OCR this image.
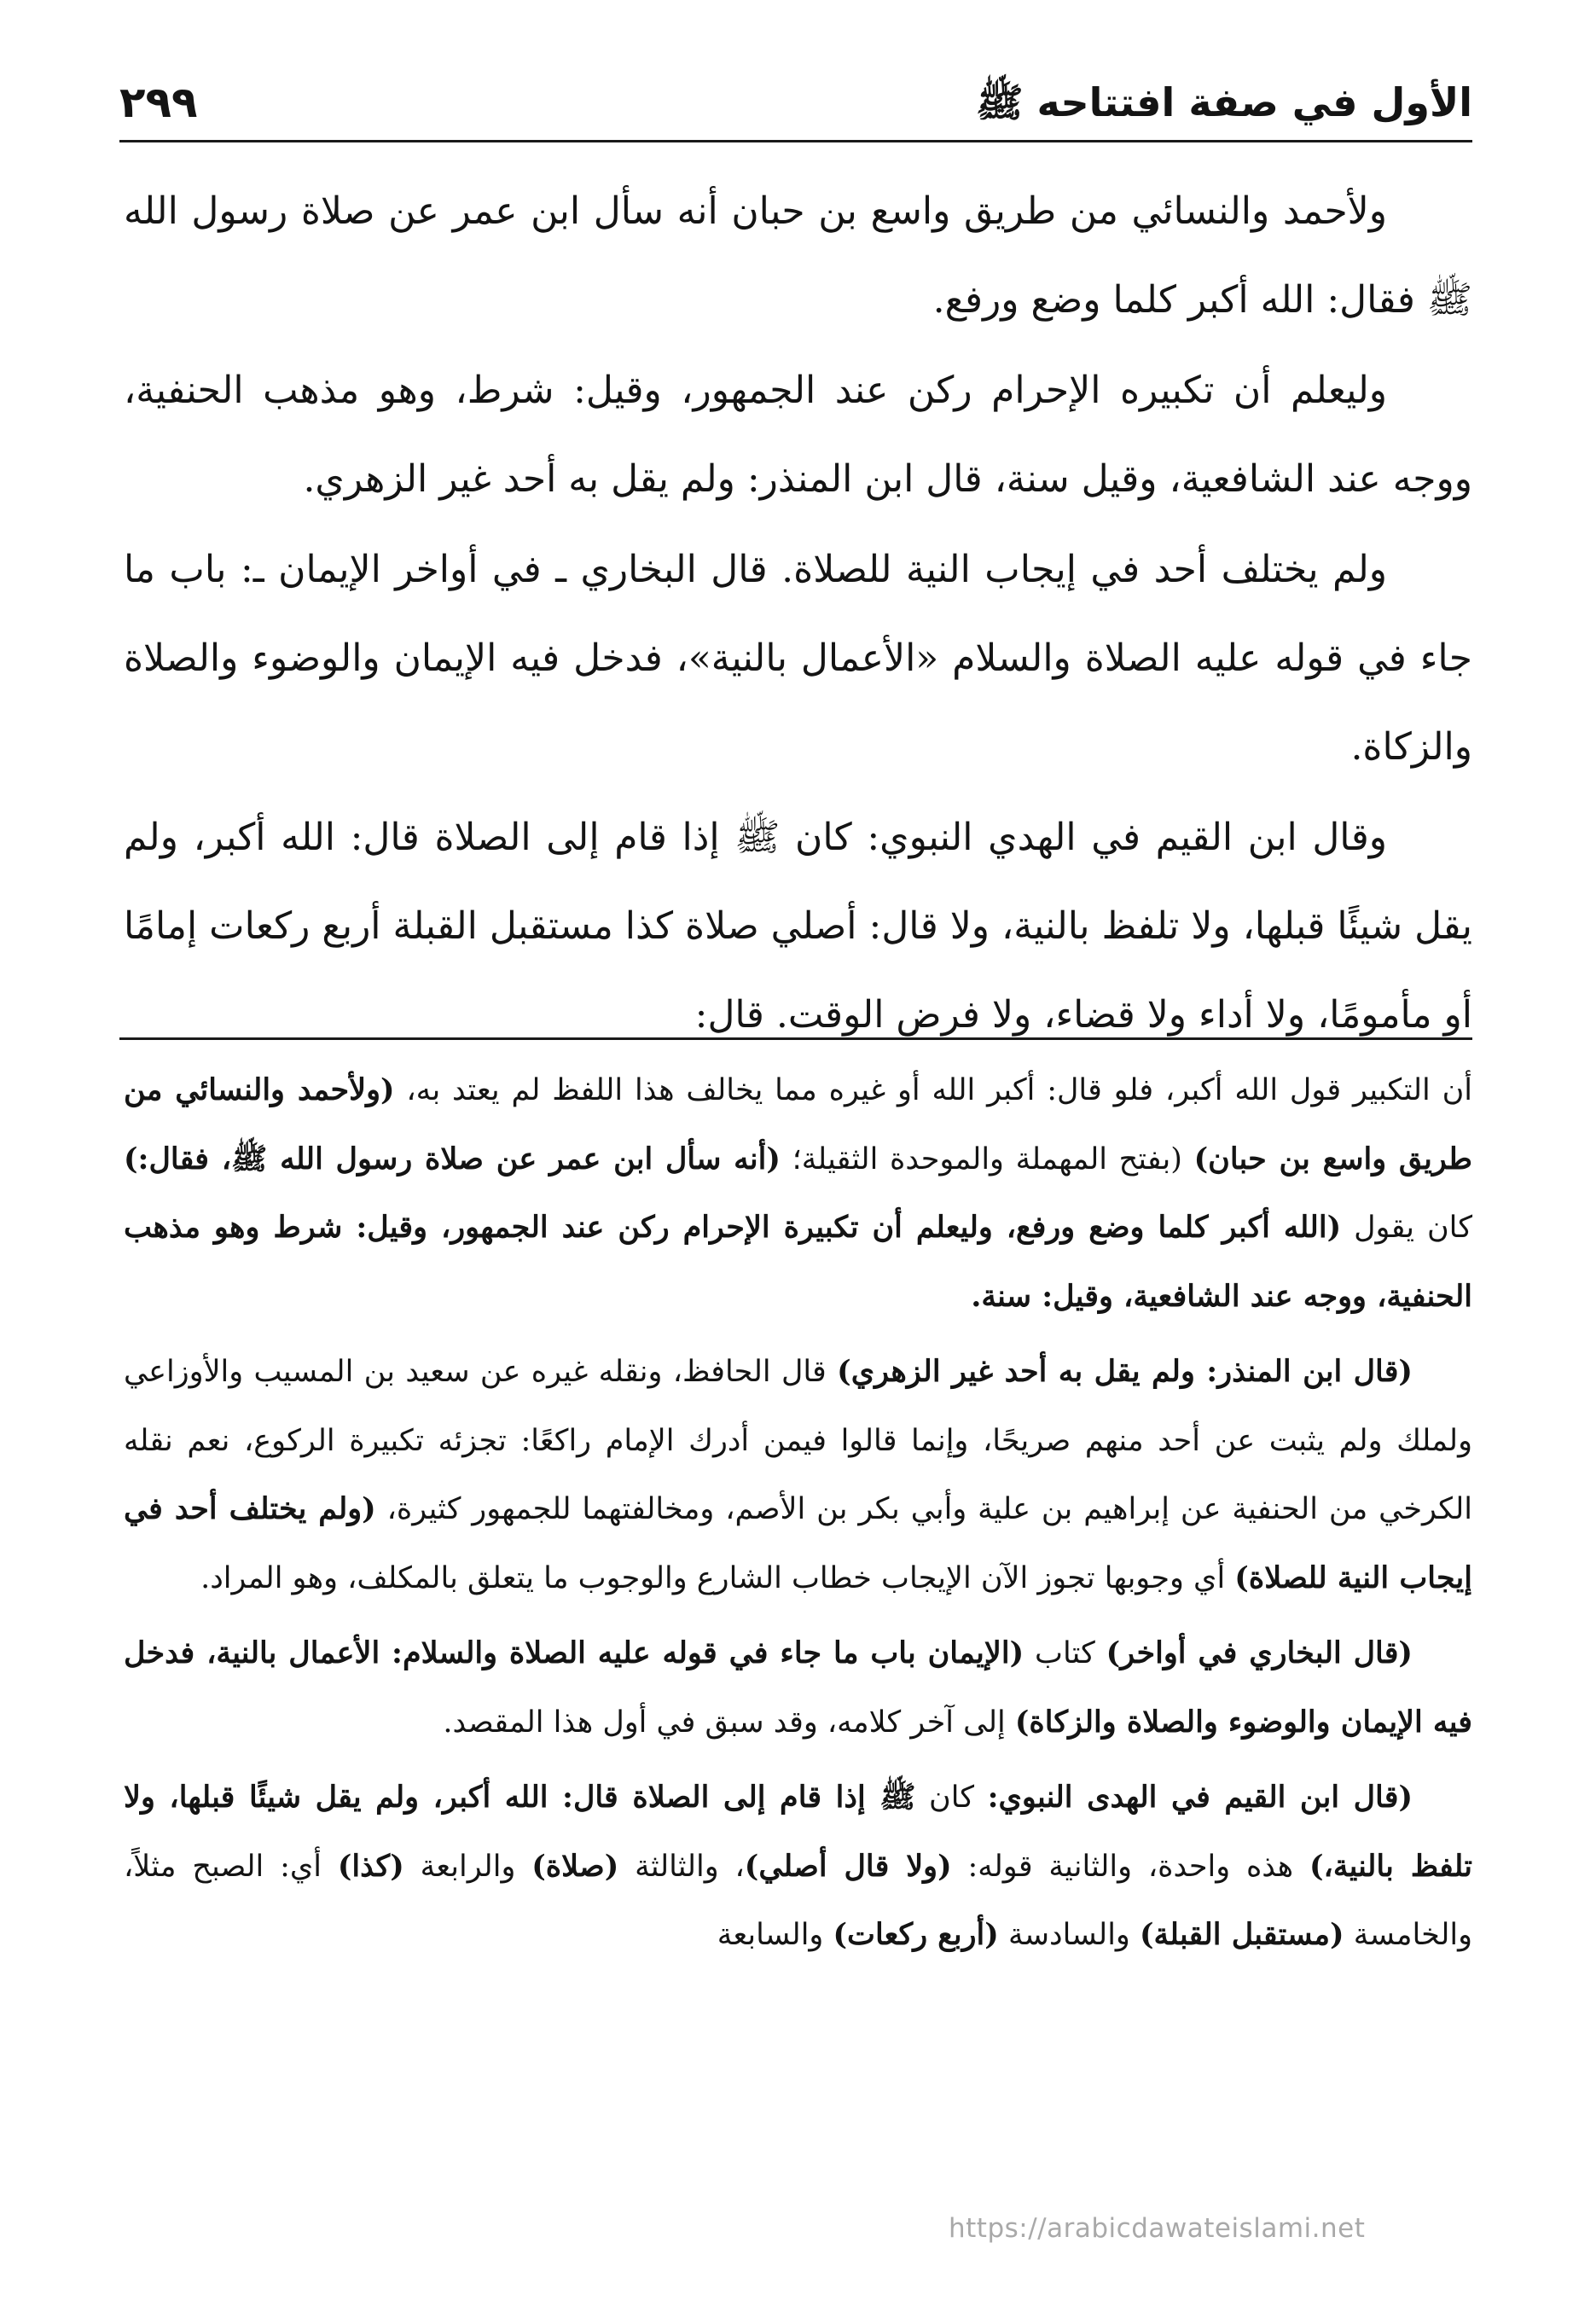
الأول في صفة افتتاحه ﷺ
٢٩٩

ولأحمد والنسائي من طريق واسع بن حبان أنه سأل ابن عمر عن صلاة رسول الله ﷺ فقال: الله أكبر كلما وضع ورفع.

وليعلم أن تكبيره الإحرام ركن عند الجمهور، وقيل: شرط، وهو مذهب الحنفية، ووجه عند الشافعية، وقيل سنة، قال ابن المنذر: ولم يقل به أحد غير الزهري.

ولم يختلف أحد في إيجاب النية للصلاة. قال البخاري ـ في أواخر الإيمان ـ: باب ما جاء في قوله عليه الصلاة والسلام «الأعمال بالنية»، فدخل فيه الإيمان والوضوء والصلاة والزكاة.

وقال ابن القيم في الهدي النبوي: كان ﷺ إذا قام إلى الصلاة قال: الله أكبر، ولم يقل شيئًا قبلها، ولا تلفظ بالنية، ولا قال: أصلي صلاة كذا مستقبل القبلة أربع ركعات إمامًا أو مأمومًا، ولا أداء ولا قضاء، ولا فرض الوقت. قال:

أن التكبير قول الله أكبر، فلو قال: أكبر الله أو غيره مما يخالف هذا اللفظ لم يعتد به، (ولأحمد والنسائي من طريق واسع بن حبان) (بفتح المهملة والموحدة الثقيلة؛ (أنه سأل ابن عمر عن صلاة رسول الله ﷺ، فقال:) كان يقول (الله أكبر كلما وضع ورفع، وليعلم أن تكبيرة الإحرام ركن عند الجمهور، وقيل: شرط وهو مذهب الحنفية، ووجه عند الشافعية، وقيل: سنة.

(قال ابن المنذر: ولم يقل به أحد غير الزهري) قال الحافظ، ونقله غيره عن سعيد بن المسيب والأوزاعي ولملك ولم يثبت عن أحد منهم صريحًا، وإنما قالوا فيمن أدرك الإمام راكعًا: تجزئه تكبيرة الركوع، نعم نقله الكرخي من الحنفية عن إبراهيم بن علية وأبي بكر بن الأصم، ومخالفتهما للجمهور كثيرة، (ولم يختلف أحد في إيجاب النية للصلاة) أي وجوبها تجوز الآن الإيجاب خطاب الشارع والوجوب ما يتعلق بالمكلف، وهو المراد.

(قال البخاري في أواخر) كتاب (الإيمان باب ما جاء في قوله عليه الصلاة والسلام: الأعمال بالنية، فدخل فيه الإيمان والوضوء والصلاة والزكاة) إلى آخر كلامه، وقد سبق في أول هذا المقصد.

(قال ابن القيم في الهدى النبوي: كان ﷺ إذا قام إلى الصلاة قال: الله أكبر، ولم يقل شيئًا قبلها، ولا تلفظ بالنية،) هذه واحدة، والثانية قوله: (ولا قال أصلي)، والثالثة (صلاة) والرابعة (كذا) أي: الصبح مثلاً، والخامسة (مستقبل القبلة) والسادسة (أربع ركعات) والسابعة

https://arabicdawateislami.net
